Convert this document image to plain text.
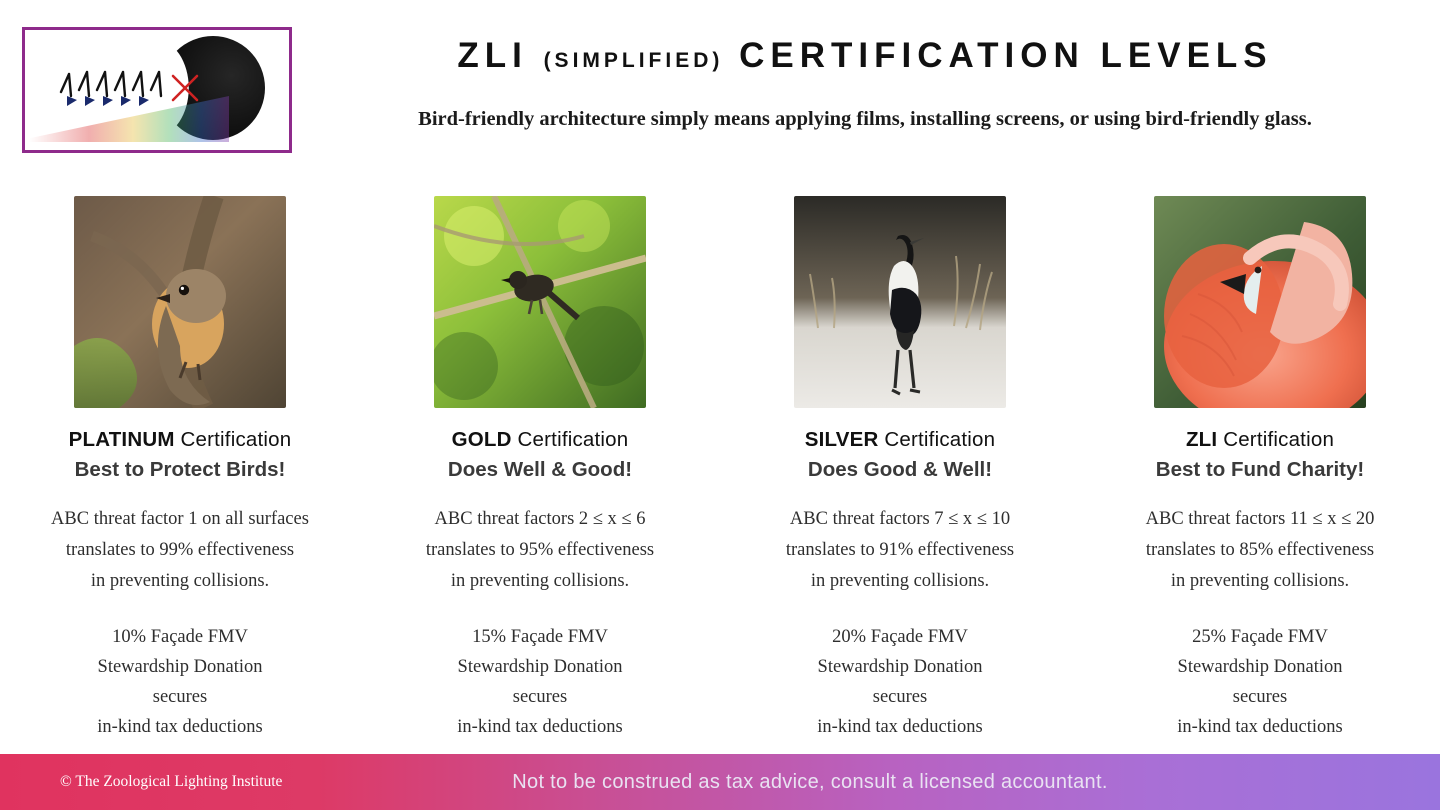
ZLI (SIMPLIFIED) CERTIFICATION LEVELS
Bird-friendly architecture simply means applying films, installing screens, or using bird-friendly glass.
PLATINUM Certification
Best to Protect Birds!
ABC threat factor 1 on all surfaces
translates to 99% effectiveness
in preventing collisions.
10% Façade FMV
Stewardship Donation
secures
in-kind tax deductions
GOLD Certification
Does Well & Good!
ABC threat factors 2 ≤ x ≤ 6
translates to 95% effectiveness
in preventing collisions.
15% Façade FMV
Stewardship Donation
secures
in-kind tax deductions
SILVER Certification
Does Good & Well!
ABC threat factors 7 ≤ x ≤ 10
translates to 91% effectiveness
in preventing collisions.
20% Façade FMV
Stewardship Donation
secures
in-kind tax deductions
ZLI Certification
Best to Fund Charity!
ABC threat factors 11 ≤ x ≤ 20
translates to 85% effectiveness
in preventing collisions.
25% Façade FMV
Stewardship Donation
secures
in-kind tax deductions
© The Zoological Lighting Institute	Not to be construed as tax advice, consult a licensed accountant.
